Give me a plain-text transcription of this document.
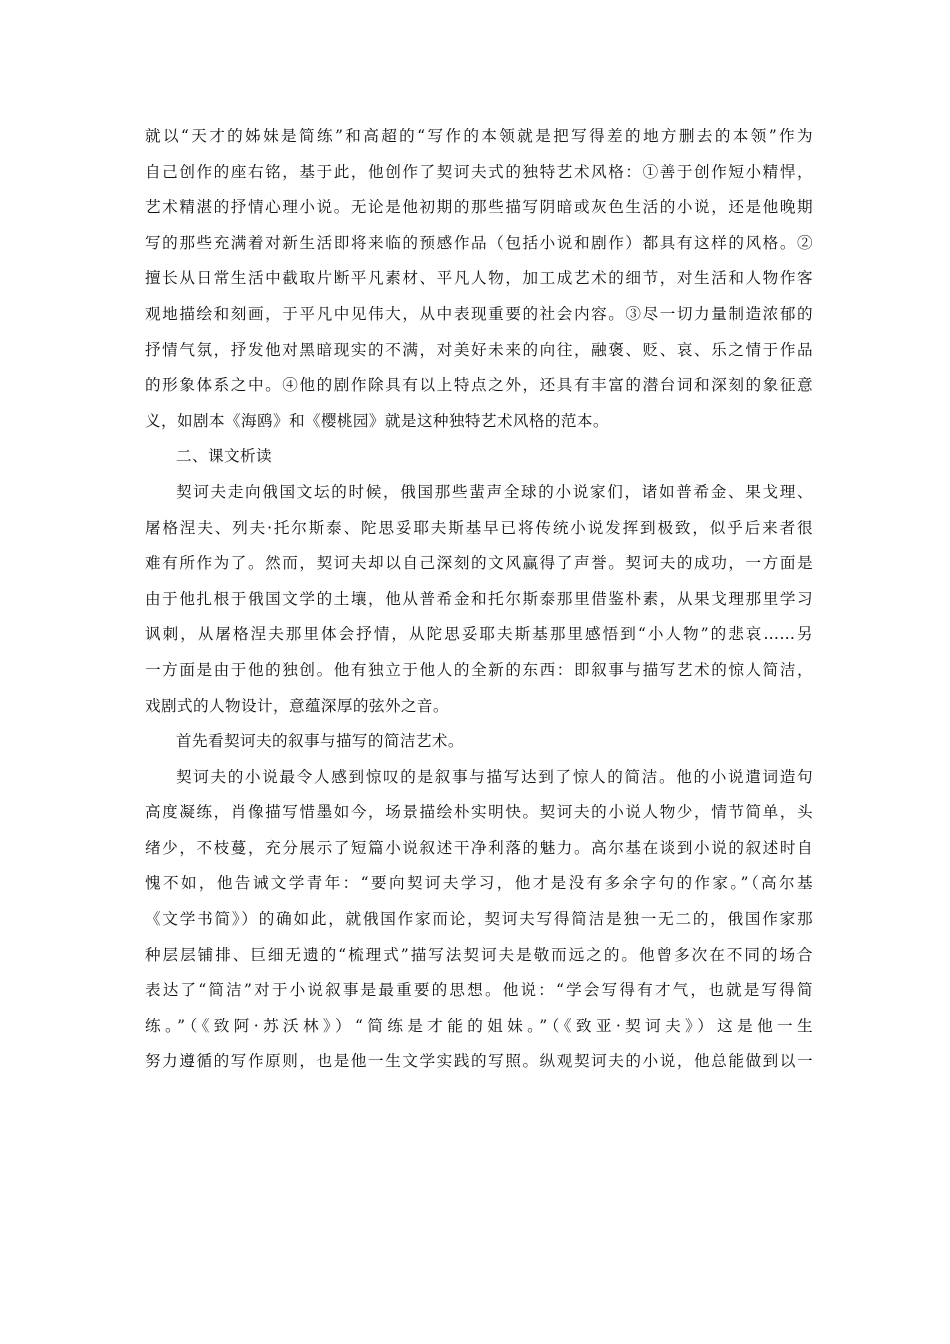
就以“天才的姊妹是简练”和高超的“写作的本领就是把写得差的地方删去的本领”作为
自己创作的座右铭，基于此，他创作了契诃夫式的独特艺术风格：①善于创作短小精悍，
艺术精湛的抒情心理小说。无论是他初期的那些描写阴暗或灰色生活的小说，还是他晚期
写的那些充满着对新生活即将来临的预感作品（包括小说和剧作）都具有这样的风格。②
擅长从日常生活中截取片断平凡素材、平凡人物，加工成艺术的细节，对生活和人物作客
观地描绘和刻画，于平凡中见伟大，从中表现重要的社会内容。③尽一切力量制造浓郁的
抒情气氛，抒发他对黑暗现实的不满，对美好未来的向往，融褒、贬、哀、乐之情于作品
的形象体系之中。④他的剧作除具有以上特点之外，还具有丰富的潜台词和深刻的象征意
义，如剧本《海鸥》和《樱桃园》就是这种独特艺术风格的范本。
二、课文析读
契诃夫走向俄国文坛的时候，俄国那些蜚声全球的小说家们，诸如普希金、果戈理、
屠格涅夫、列夫·托尔斯泰、陀思妥耶夫斯基早已将传统小说发挥到极致，似乎后来者很
难有所作为了。然而，契诃夫却以自己深刻的文风赢得了声誉。契诃夫的成功，一方面是
由于他扎根于俄国文学的土壤，他从普希金和托尔斯泰那里借鉴朴素，从果戈理那里学习
讽刺，从屠格涅夫那里体会抒情，从陀思妥耶夫斯基那里感悟到“小人物”的悲哀……另
一方面是由于他的独创。他有独立于他人的全新的东西：即叙事与描写艺术的惊人简洁，
戏剧式的人物设计，意蕴深厚的弦外之音。
首先看契诃夫的叙事与描写的简洁艺术。
契诃夫的小说最令人感到惊叹的是叙事与描写达到了惊人的简洁。他的小说遣词造句
高度凝练，肖像描写惜墨如今，场景描绘朴实明快。契诃夫的小说人物少，情节简单，头
绪少，不枝蔓，充分展示了短篇小说叙述干净利落的魅力。高尔基在谈到小说的叙述时自
愧不如，他告诫文学青年：“要向契诃夫学习，他才是没有多余字句的作家。”（高尔基
《文学书简》）的确如此，就俄国作家而论，契诃夫写得简洁是独一无二的，俄国作家那
种层层铺排、巨细无遗的“梳理式”描写法契诃夫是敬而远之的。他曾多次在不同的场合
表达了“简洁”对于小说叙事是最重要的思想。他说：“学会写得有才气，也就是写得简
练。”（《致阿·苏沃林》）“简练是才能的姐妹。”（《致亚·契诃夫》）这是他一生
努力遵循的写作原则，也是他一生文学实践的写照。纵观契诃夫的小说，他总能做到以一
